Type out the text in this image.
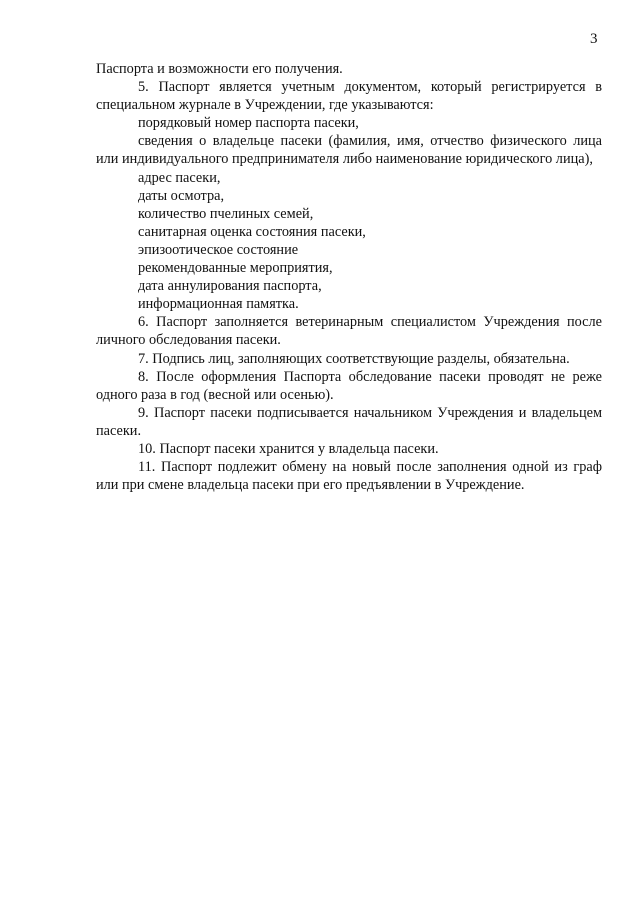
3

Паспорта и возможности его получения.

5. Паспорт является учетным документом, который регистрируется в специальном журнале в Учреждении, где указываются:

порядковый номер паспорта пасеки,
сведения о владельце пасеки (фамилия, имя, отчество физического лица или индивидуального предпринимателя либо наименование юридического лица),
адрес пасеки,
даты осмотра,
количество пчелиных семей,
санитарная оценка состояния пасеки,
эпизоотическое состояние
рекомендованные мероприятия,
дата аннулирования паспорта,
информационная памятка.

6. Паспорт заполняется ветеринарным специалистом Учреждения после личного обследования пасеки.

7. Подпись лиц, заполняющих соответствующие разделы, обязательна.

8. После оформления Паспорта обследование пасеки проводят не реже одного раза в год (весной или осенью).

9. Паспорт пасеки подписывается начальником Учреждения и владельцем пасеки.

10. Паспорт пасеки хранится у владельца пасеки.

11. Паспорт подлежит обмену на новый после заполнения одной из граф или при смене владельца пасеки при его предъявлении в Учреждение.
